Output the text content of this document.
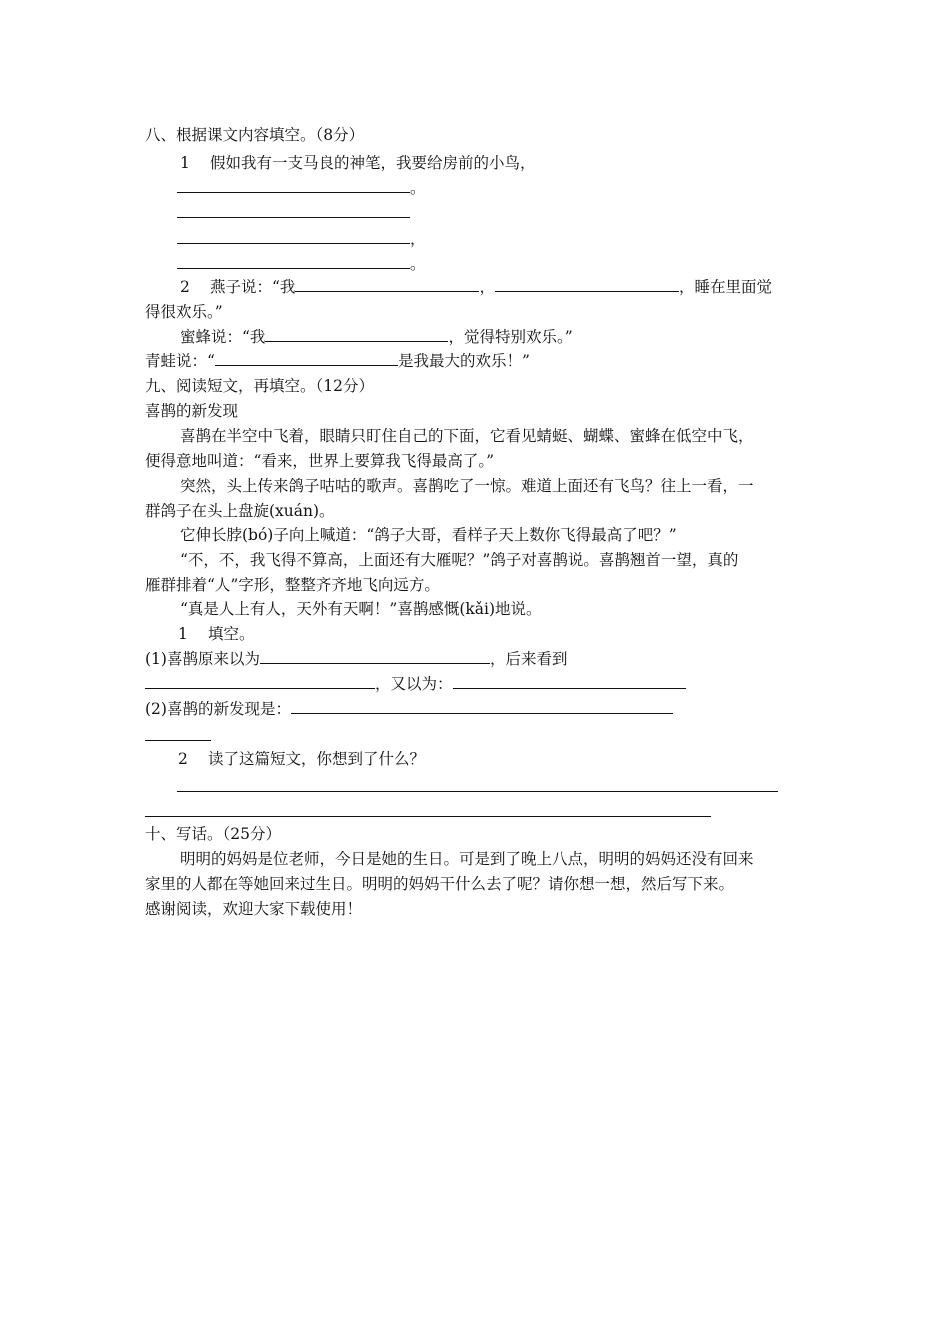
八、根据课文内容填空。（8分）
1 假如我有一支马良的神笔，我要给房前的小鸟，
。
，
。
2 燕子说：“我	，	，睡在里面觉
得很欢乐。”
蜜蜂说：“我	，觉得特别欢乐。”
青蛙说：“	是我最大的欢乐！”
九、阅读短文，再填空。（12分）
喜鹊的新发现
喜鹊在半空中飞着，眼睛只盯住自己的下面，它看见蜻蜓、蝴蝶、蜜蜂在低空中飞，
便得意地叫道：“看来，世界上要算我飞得最高了。”
突然，头上传来鸽子咕咕的歌声。喜鹊吃了一惊。难道上面还有飞鸟？往上一看，一
群鸽子在头上盘旋(xuán)。
它伸长脖(bó)子向上喊道：“鸽子大哥，看样子天上数你飞得最高了吧？”
“不，不，我飞得不算高，上面还有大雁呢？”鸽子对喜鹊说。喜鹊翘首一望，真的
雁群排着“人”字形，整整齐齐地飞向远方。
“真是人上有人，天外有天啊！”喜鹊感慨(kǎi)地说。
1 填空。
(1)喜鹊原来以为	，后来看到
，又以为：
(2)喜鹊的新发现是：
2 读了这篇短文，你想到了什么？
十、写话。（25分）
明明的妈妈是位老师，今日是她的生日。可是到了晚上八点，明明的妈妈还没有回来
家里的人都在等她回来过生日。明明的妈妈干什么去了呢？请你想一想，然后写下来。
感谢阅读，欢迎大家下载使用！
